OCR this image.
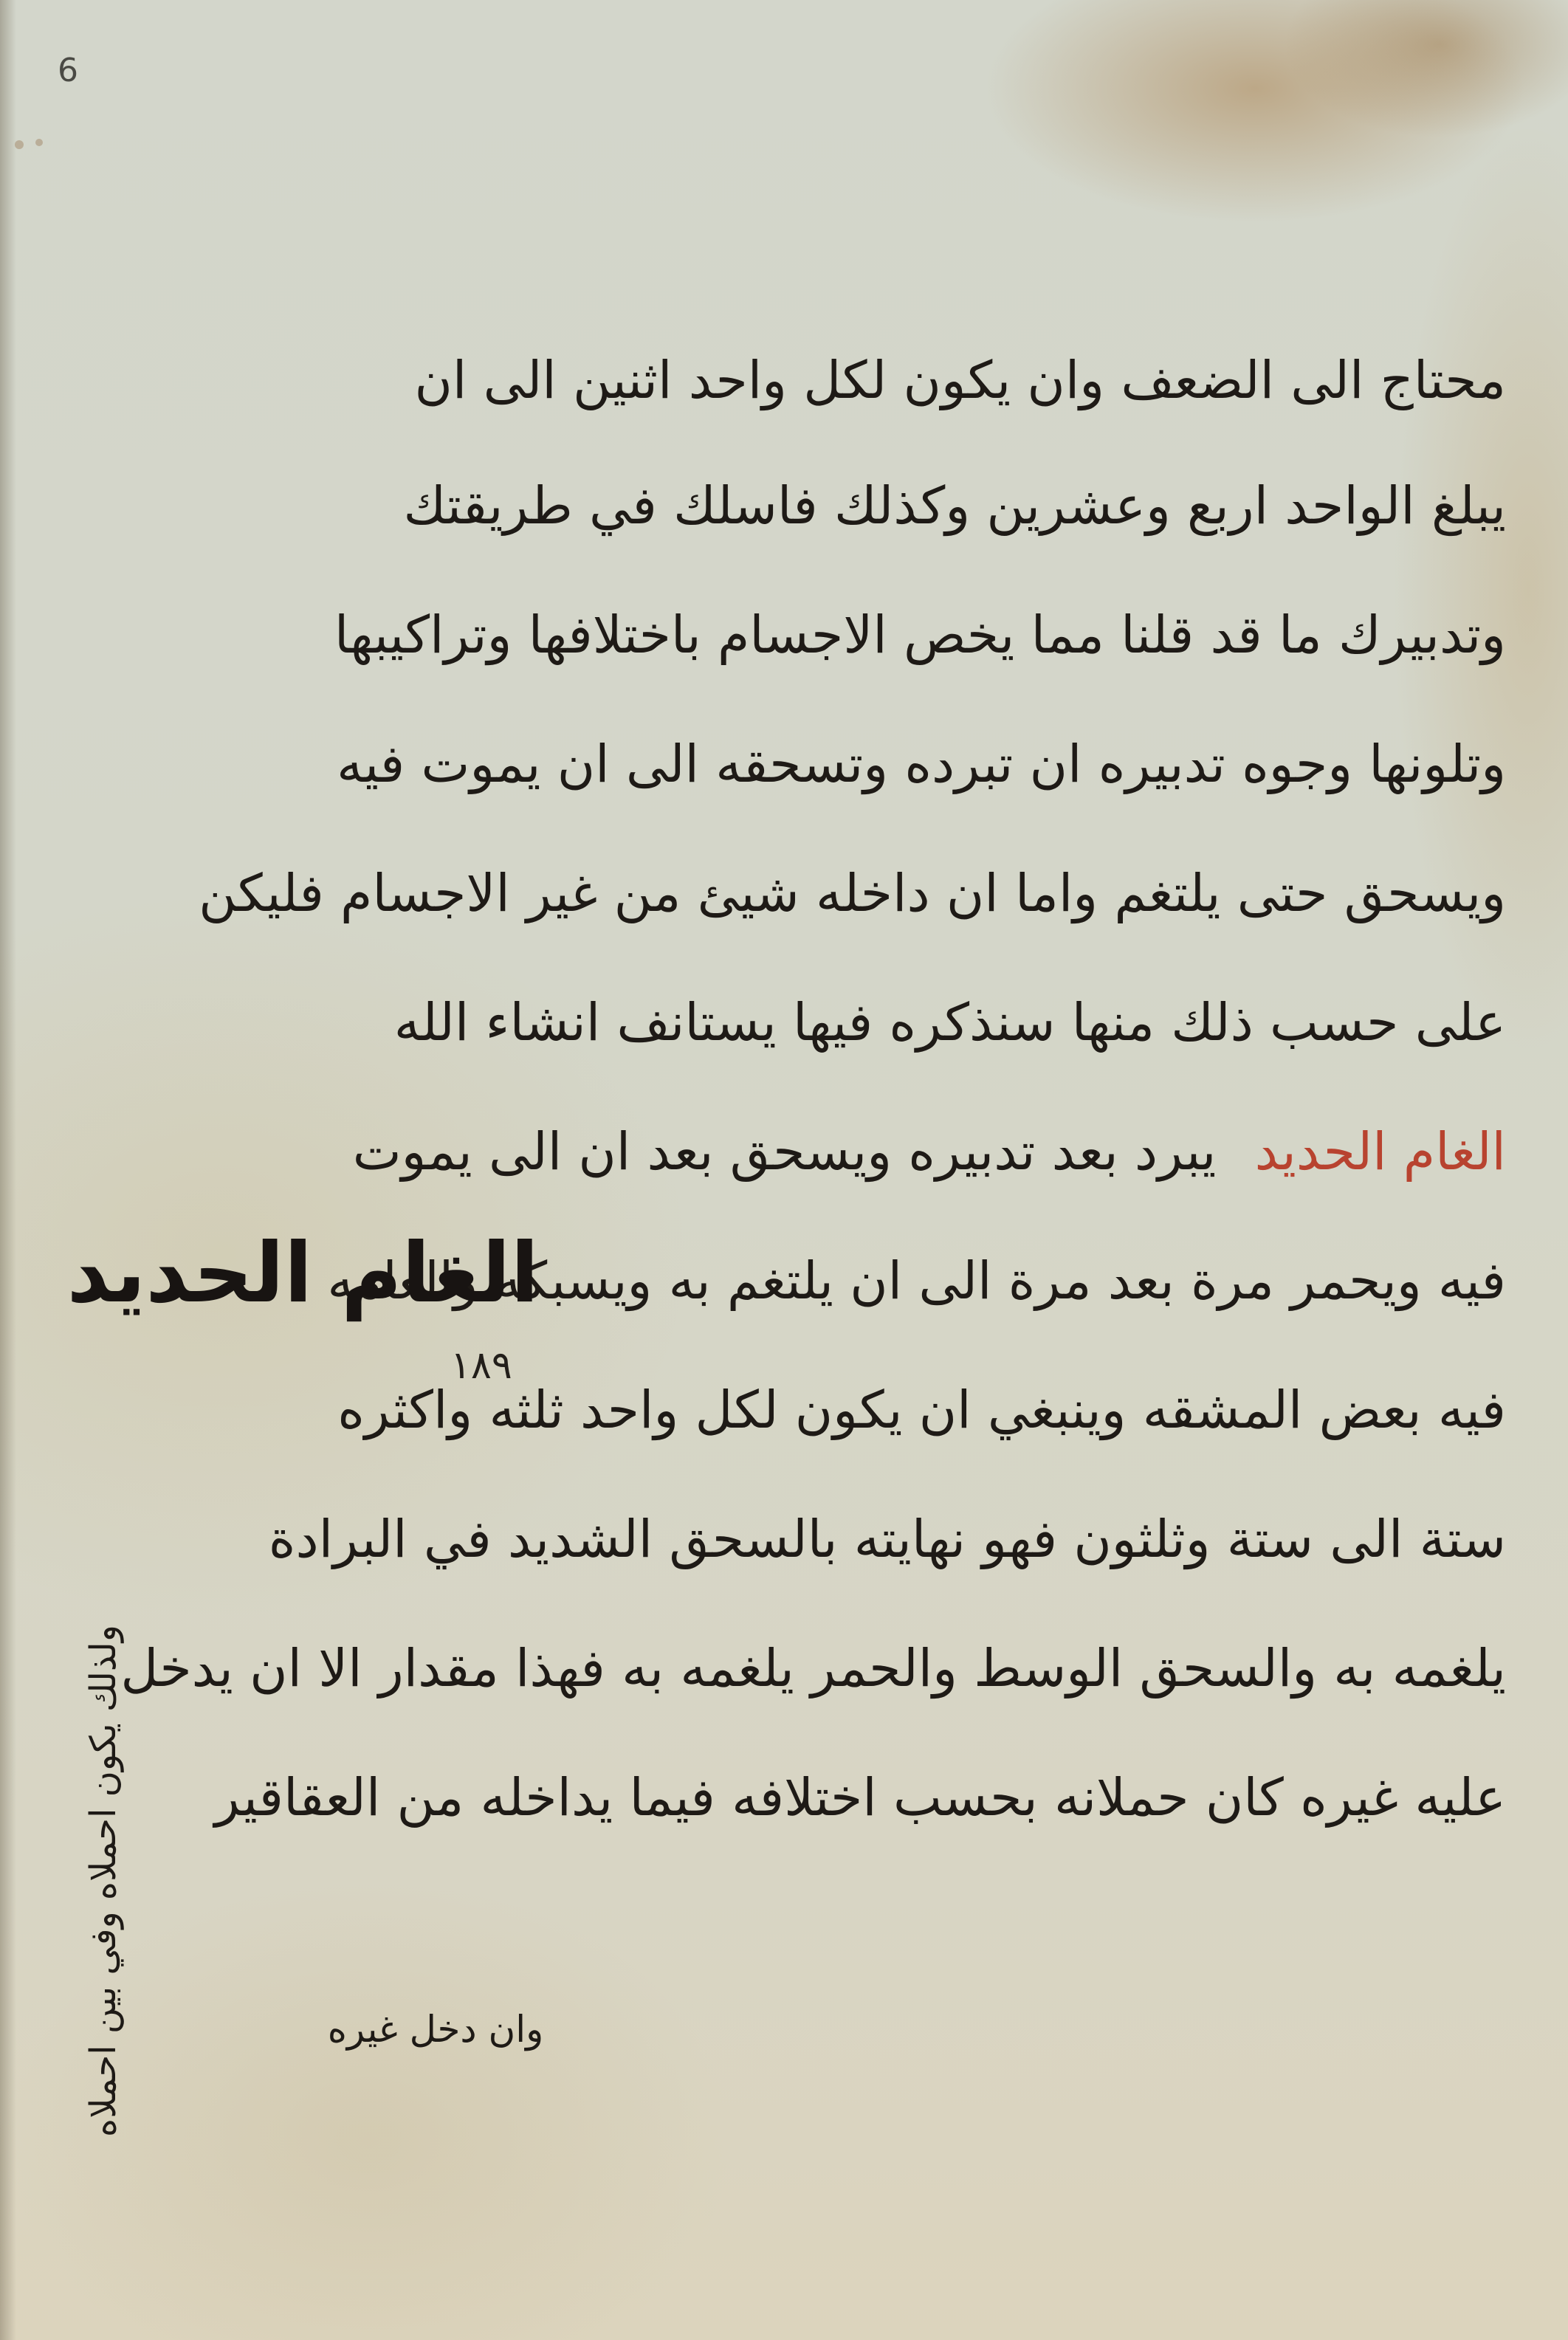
6
محتاج الى الضعف وان يكون لكل واحد اثنين الى ان
يبلغ الواحد اربع وعشرين وكذلك فاسلك في طريقتك
وتدبيرك ما قد قلنا مما يخص الاجسام باختلافها وتراكيبها
وتلونها وجوه تدبيره ان تبرده وتسحقه الى ان يموت فيه
ويسحق حتى يلتغم واما ان داخله شيئ من غير الاجسام فليكن
على حسب ذلك منها سنذكره فيها يستانف انشاء الله
الغام الحديد يبرد بعد تدبيره ويسحق بعد ان الى يموت
فيه ويحمر مرة بعد مرة الى ان يلتغم به ويسبكه والغامه
فيه بعض المشقه وينبغي ان يكون لكل واحد ثلثه واكثره
ستة الى ستة وثلثون فهو نهايته بالسحق الشديد في البرادة
يلغمه به والسحق الوسط والحمر يلغمه به فهذا مقدار الا ان يدخل
عليه غيره كان حملانه بحسب اختلافه فيما يداخله من العقاقير
الغام الحديد
١٨٩
ولذلك يكون احملاه وفي بين احملاه	وان دخل غيره
